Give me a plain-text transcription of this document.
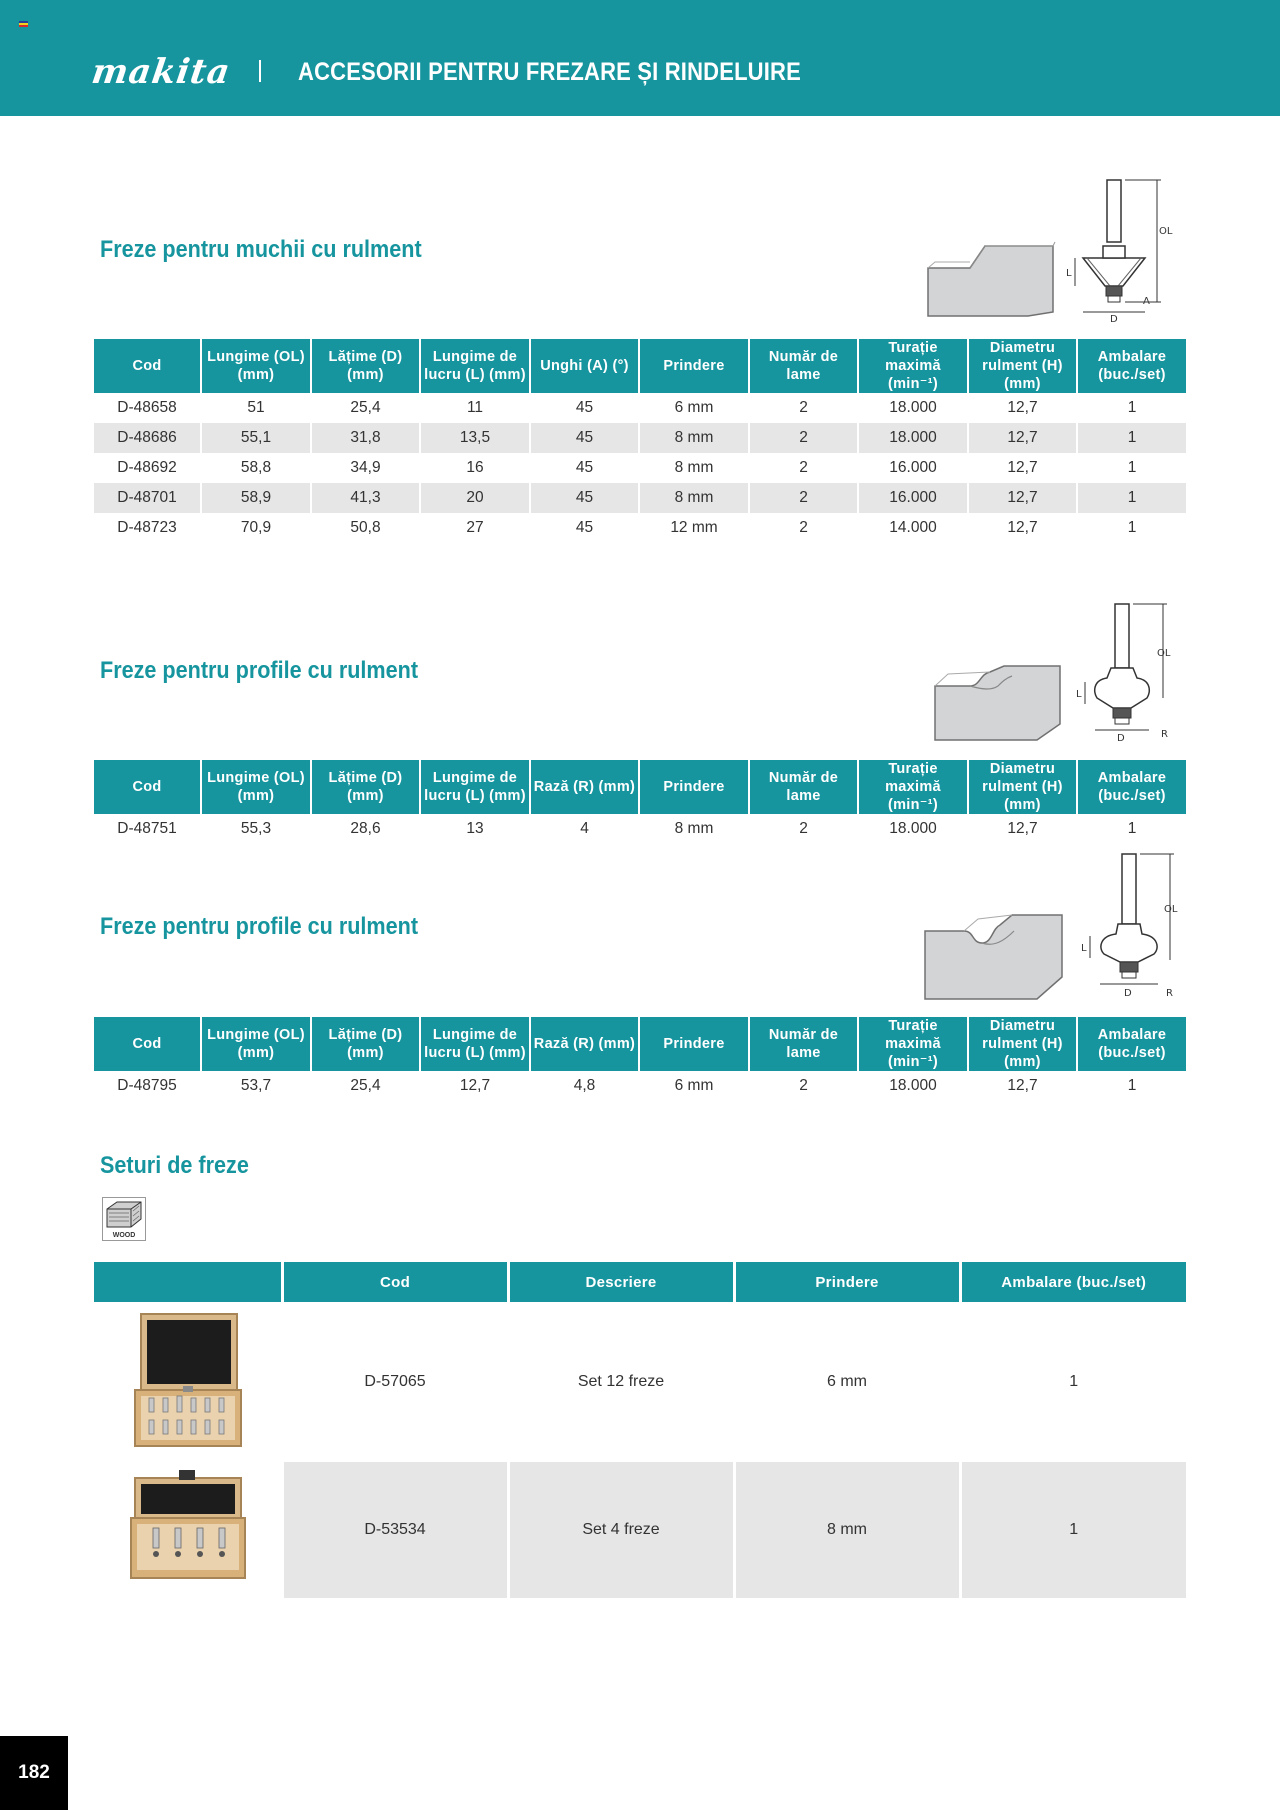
makita	ACCESORII PENTRU FREZARE ȘI RINDELUIRE
Freze pentru muchii cu rulment
OL
L
D
A
Cod	Lungime (OL) (mm)	Lățime (D) (mm)	Lungime de lucru (L) (mm)	Unghi (A) (°)	Prindere	Număr de lame	Turație maximă (min⁻¹)	Diametru rulment (H) (mm)	Ambalare (buc./set)
D-48658	51	25,4	11	45	6 mm	2	18.000	12,7	1
D-48686	55,1	31,8	13,5	45	8 mm	2	18.000	12,7	1
D-48692	58,8	34,9	16	45	8 mm	2	16.000	12,7	1
D-48701	58,9	41,3	20	45	8 mm	2	16.000	12,7	1
D-48723	70,9	50,8	27	45	12 mm	2	14.000	12,7	1
Freze pentru profile cu rulment
OL
L
D	R
Cod	Lungime (OL) (mm)	Lățime (D) (mm)	Lungime de lucru (L) (mm)	Rază (R) (mm)	Prindere	Număr de lame	Turație maximă (min⁻¹)	Diametru rulment (H) (mm)	Ambalare (buc./set)
D-48751	55,3	28,6	13	4	8 mm	2	18.000	12,7	1
Freze pentru profile cu rulment
OL
L
D	R
Cod	Lungime (OL) (mm)	Lățime (D) (mm)	Lungime de lucru (L) (mm)	Rază (R) (mm)	Prindere	Număr de lame	Turație maximă (min⁻¹)	Diametru rulment (H) (mm)	Ambalare (buc./set)
D-48795	53,7	25,4	12,7	4,8	6 mm	2	18.000	12,7	1
Seturi de freze
WOOD
	Cod	Descriere	Prindere	Ambalare (buc./set)
	D-57065	Set 12 freze	6 mm	1
	D-53534	Set 4 freze	8 mm	1
182
